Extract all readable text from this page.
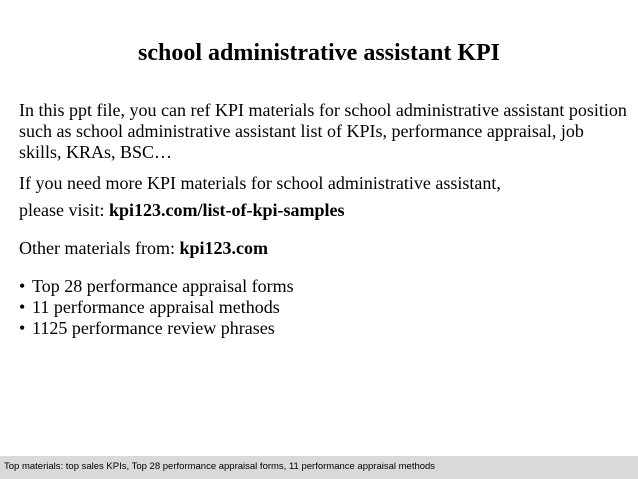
school administrative assistant KPI

In this ppt file, you can ref KPI materials for school administrative assistant position such as school administrative assistant list of KPIs, performance appraisal, job skills, KRAs, BSC…

If you need more KPI materials for school administrative assistant,

please visit: kpi123.com/list-of-kpi-samples

Other materials from: kpi123.com

• Top 28 performance appraisal forms
• 11 performance appraisal methods
• 1125 performance review phrases
Top materials: top sales KPIs, Top 28 performance appraisal forms, 11 performance appraisal methods
